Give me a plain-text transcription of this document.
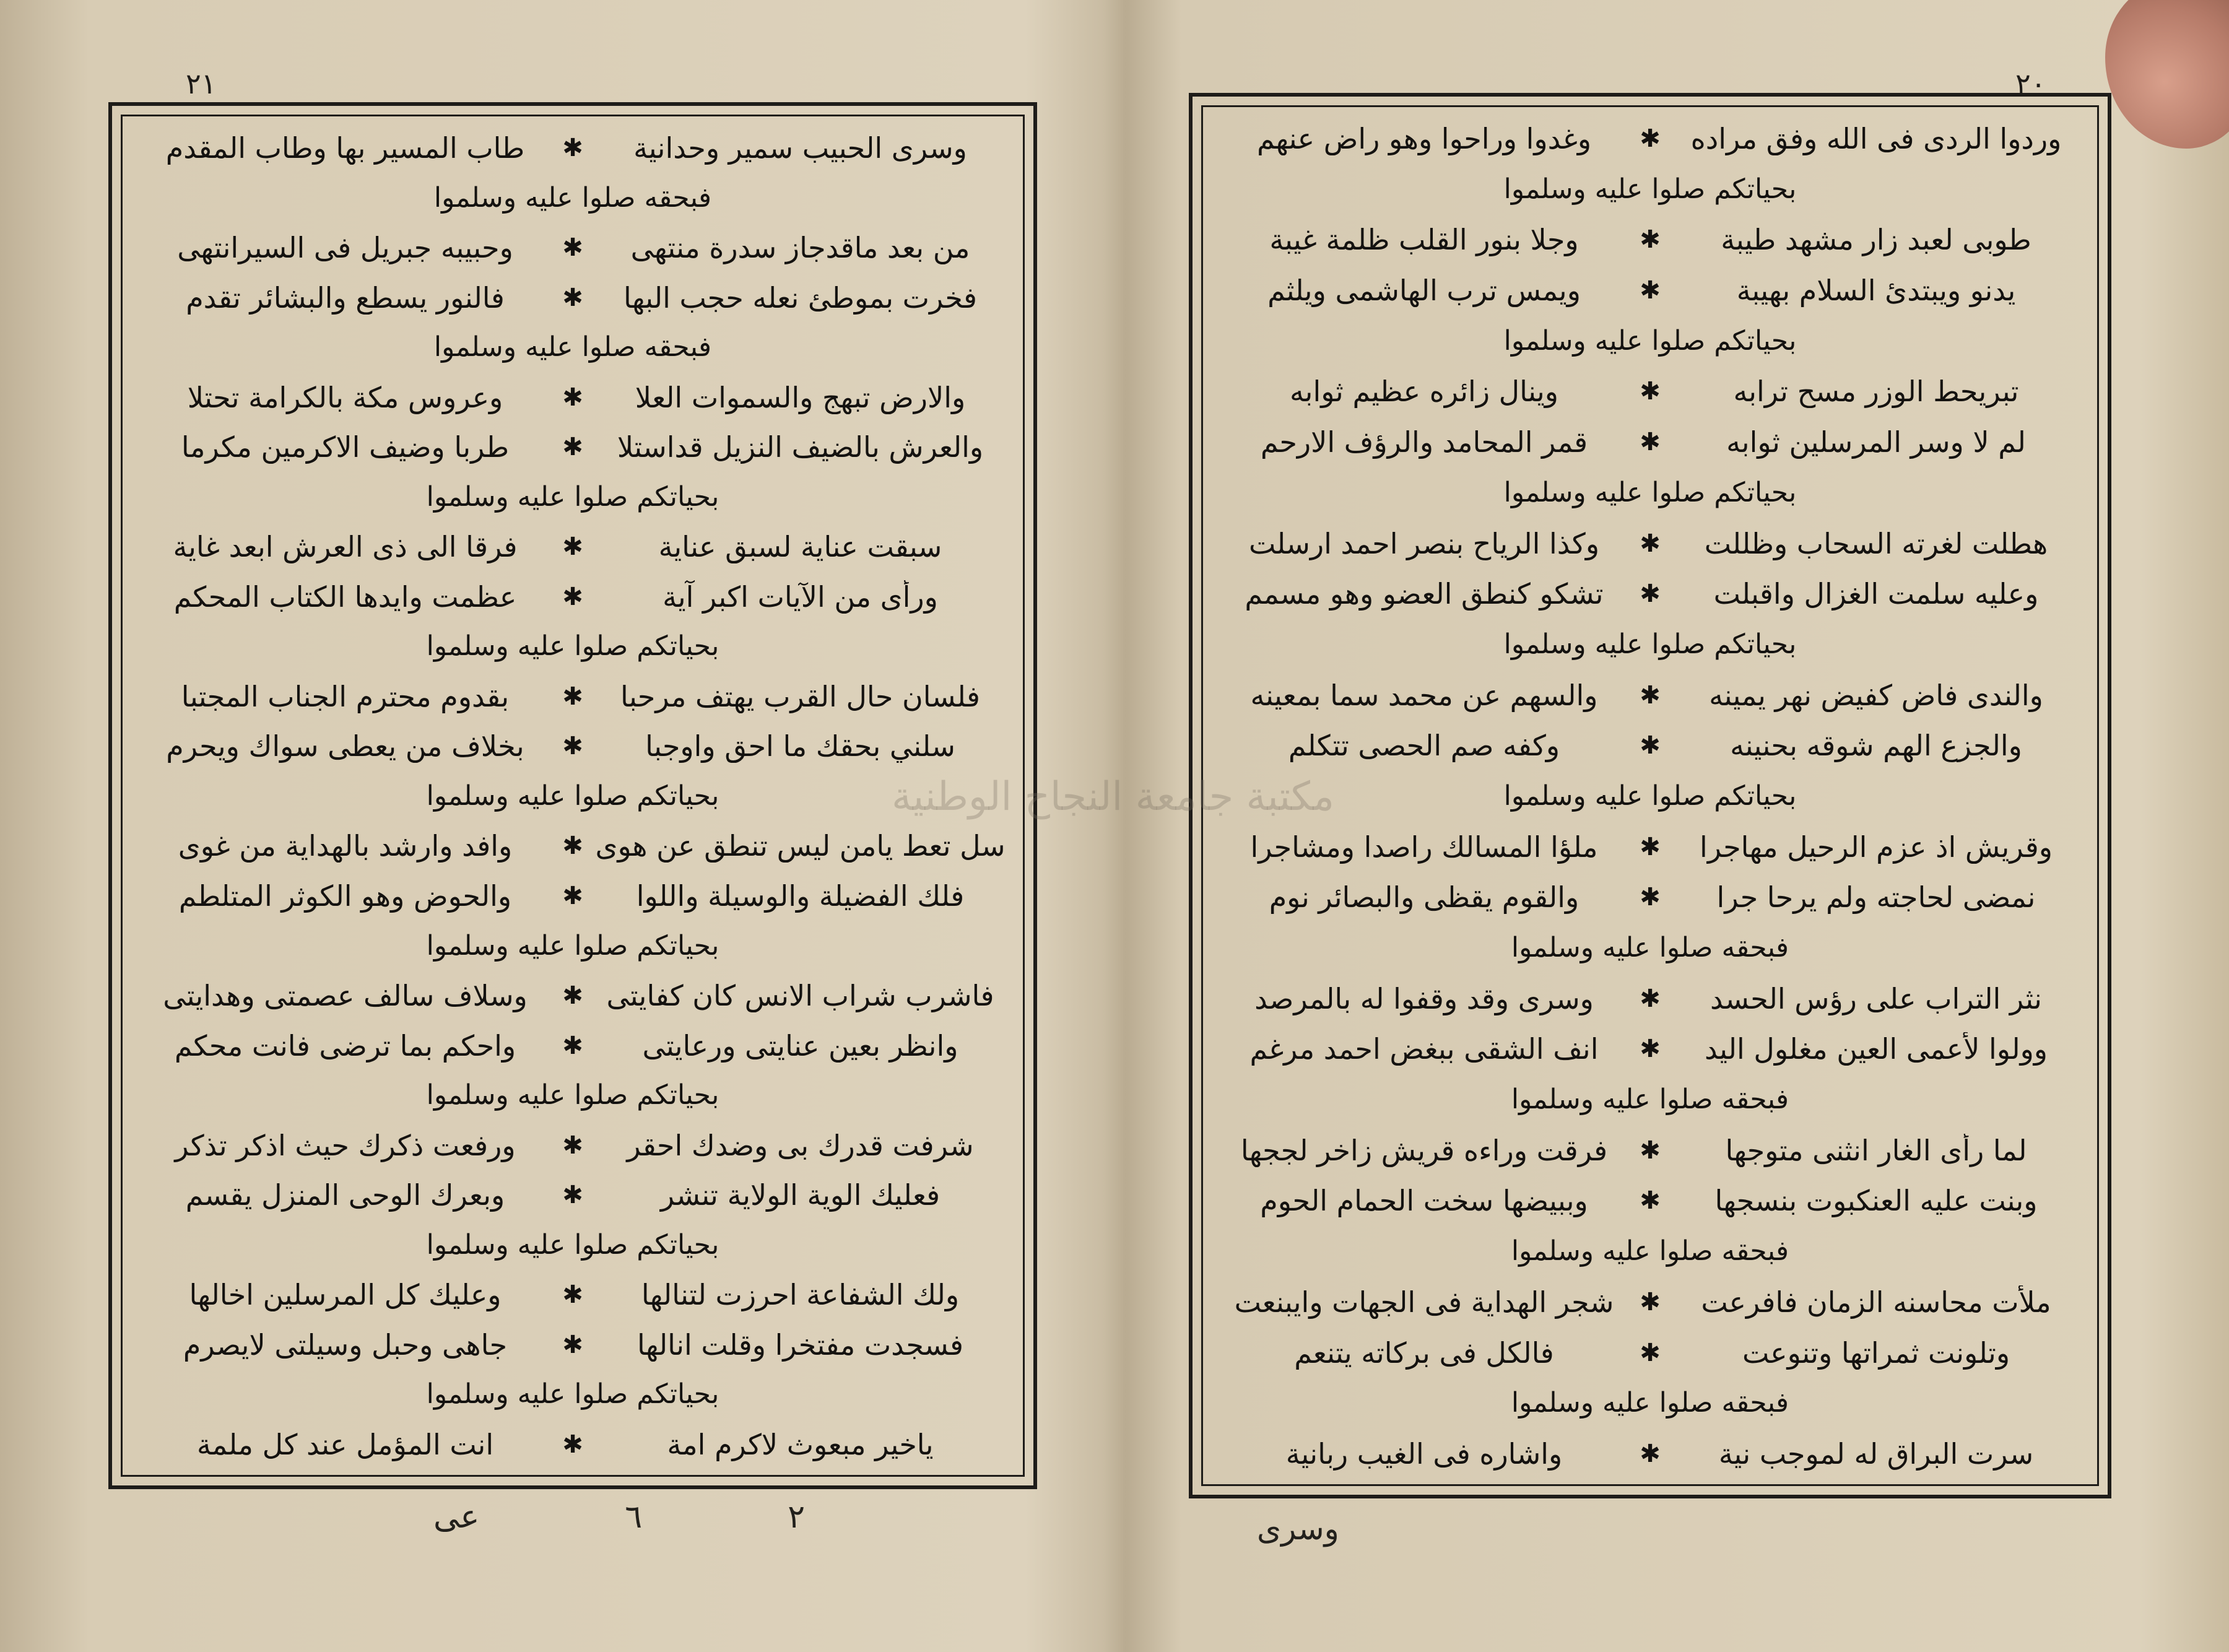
٢١
وسرى الحبيب سمير وحدانية
✱
طاب المسير بها وطاب المقدم
فبحقه صلوا عليه وسلموا
من بعد ماقدجاز سدرة منتهى
✱
وحبيبه جبريل فى السيرانتهى
فخرت بموطئ نعله حجب البها
✱
فالنور يسطع والبشائر تقدم
فبحقه صلوا عليه وسلموا
والارض تبهج والسموات العلا
✱
وعروس مكة بالكرامة تحتلا
والعرش بالضيف النزيل قداستلا
✱
طربا وضيف الاكرمين مكرما
بحياتكم صلوا عليه وسلموا
سبقت عناية لسبق عناية
✱
فرقا الى ذى العرش ابعد غاية
ورأى من الآيات اكبر آية
✱
عظمت وايدها الكتاب المحكم
بحياتكم صلوا عليه وسلموا
فلسان حال القرب يهتف مرحبا
✱
بقدوم محترم الجناب المجتبا
سلني بحقك ما احق واوجبا
✱
بخلاف من يعطى سواك ويحرم
بحياتكم صلوا عليه وسلموا
سل تعط يامن ليس تنطق عن هوى
✱
وافد وارشد بالهداية من غوى
فلك الفضيلة والوسيلة واللوا
✱
والحوض وهو الكوثر المتلطم
بحياتكم صلوا عليه وسلموا
فاشرب شراب الانس كان كفايتى
✱
وسلاف سالف عصمتى وهدايتى
وانظر بعين عنايتى ورعايتى
✱
واحكم بما ترضى فانت محكم
بحياتكم صلوا عليه وسلموا
شرفت قدرك بى وضدك احقر
✱
ورفعت ذكرك حيث اذكر تذكر
فعليك الوية الولاية تنشر
✱
وبعرك الوحى المنزل يقسم
بحياتكم صلوا عليه وسلموا
ولك الشفاعة احرزت لتنالها
✱
وعليك كل المرسلين اخالها
فسجدت مفتخرا وقلت انالها
✱
جاهى وحبل وسيلتى لايصرم
بحياتكم صلوا عليه وسلموا
ياخير مبعوث لاكرم امة
✱
انت المؤمل عند كل ملمة
عى	٦	٢
٢٠
وردوا الردى فى الله وفق مراده
✱
وغدوا وراحوا وهو راض عنهم
بحياتكم صلوا عليه وسلموا
طوبى لعبد زار مشهد طيبة
✱
وجلا بنور القلب ظلمة غيبة
يدنو ويبتدئ السلام بهيبة
✱
ويمس ترب الهاشمى ويلثم
بحياتكم صلوا عليه وسلموا
تبريحط الوزر مسح ترابه
✱
وينال زائره عظيم ثوابه
لم لا وسر المرسلين ثوابه
✱
قمر المحامد والرؤف الارحم
بحياتكم صلوا عليه وسلموا
هطلت لغرته السحاب وظللت
✱
وكذا الرياح بنصر احمد ارسلت
وعليه سلمت الغزال واقبلت
✱
تشكو كنطق العضو وهو مسمم
بحياتكم صلوا عليه وسلموا
والندى فاض كفيض نهر يمينه
✱
والسهم عن محمد سما بمعينه
والجزع الهم شوقه بحنينه
✱
وكفه صم الحصى تتكلم
بحياتكم صلوا عليه وسلموا
وقريش اذ عزم الرحيل مهاجرا
✱
ملؤا المسالك راصدا ومشاجرا
نمضى لحاجته ولم يرحا جرا
✱
والقوم يقظى والبصائر نوم
فبحقه صلوا عليه وسلموا
نثر التراب على رؤس الحسد
✱
وسرى وقد وقفوا له بالمرصد
وولوا لأعمى العين مغلول اليد
✱
انف الشقى ببغض احمد مرغم
فبحقه صلوا عليه وسلموا
لما رأى الغار انثنى متوجها
✱
فرقت وراءه قريش زاخر لججها
وبنت عليه العنكبوت بنسجها
✱
وببيضها سخت الحمام الحوم
فبحقه صلوا عليه وسلموا
ملأت محاسنه الزمان فافرعت
✱
شجر الهداية فى الجهات وايبنعت
وتلونت ثمراتها وتنوعت
✱
فالكل فى بركاته يتنعم
فبحقه صلوا عليه وسلموا
سرت البراق له لموجب نية
✱
واشاره فى الغيب ربانية
وسرى
مكتبة جامعة النجاح الوطنية
